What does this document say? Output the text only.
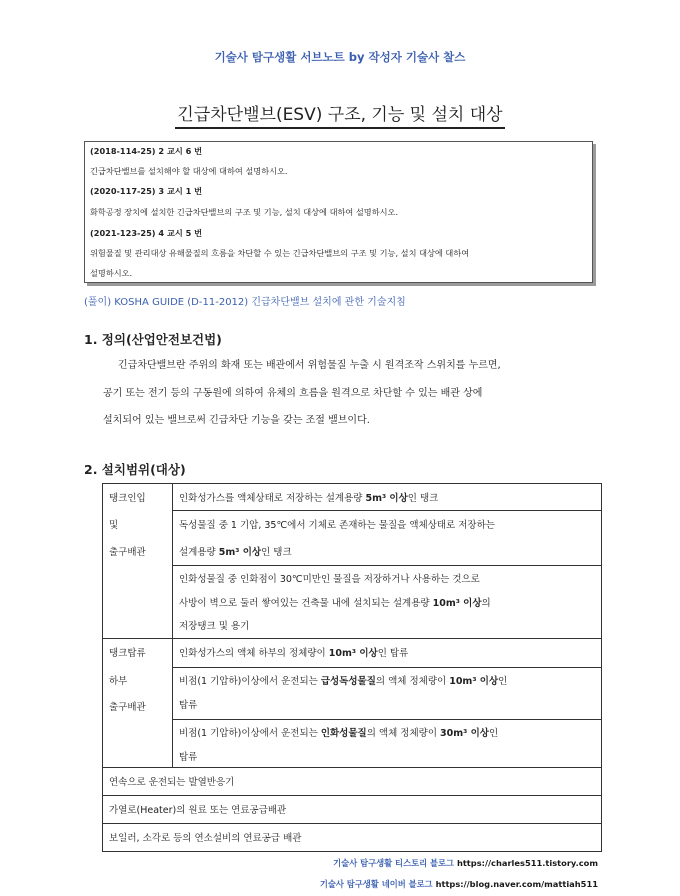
기술사 탐구생활 서브노트 by 작성자 기술사 찰스
긴급차단밸브(ESV) 구조, 기능 및 설치 대상
(2018-114-25) 2 교시 6 번
긴급차단밸브를 설치해야 할 대상에 대하여 설명하시오.
(2020-117-25) 3 교시 1 번
화학공정 장치에 설치한 긴급차단밸브의 구조 및 기능, 설치 대상에 대하여 설명하시오.
(2021-123-25) 4 교시 5 번
위험물질 및 관리대상 유해물질의 흐름을 차단할 수 있는 긴급차단밸브의 구조 및 기능, 설치 대상에 대하여
설명하시오.
(풀이) KOSHA GUIDE (D-11-2012) 긴급차단밸브 설치에 관한 기술지침
1. 정의(산업안전보건법)
긴급차단밸브란 주위의 화재 또는 배관에서 위험물질 누출 시 원격조작 스위치를 누르면,
공기 또는 전기 등의 구동원에 의하여 유체의 흐름을 원격으로 차단할 수 있는 배관 상에
설치되어 있는 밸브로써 긴급차단 기능을 갖는 조절 밸브이다.
2. 설치범위(대상)
탱크인입
및
출구배관
인화성가스를 액체상태로 저장하는 설계용량 5m³ 이상인 탱크
독성물질 중 1 기압, 35℃에서 기체로 존재하는 물질을 액체상태로 저장하는
설계용량 5m³ 이상인 탱크
인화성물질 중 인화점이 30℃미만인 물질을 저장하거나 사용하는 것으로
사방이 벽으로 둘러 쌓여있는 건축물 내에 설치되는 설계용량 10m³ 이상의
저장탱크 및 용기
탱크탑류
하부
출구배관
인화성가스의 액체 하부의 정체량이 10m³ 이상인 탑류
비점(1 기압하)이상에서 운전되는 급성독성물질의 액체 정체량이 10m³ 이상인
탑류
비점(1 기압하)이상에서 운전되는 인화성물질의 액체 정체량이 30m³ 이상인
탑류
연속으로 운전되는 발열반응기
가열로(Heater)의 원료 또는 연료공급배관
보일러, 소각로 등의 연소설비의 연료공급 배관
기술사 탐구생활 티스토리 블로그 https://charles511.tistory.com
기술사 탐구생활 네이버 블로그 https://blog.naver.com/mattiah511
